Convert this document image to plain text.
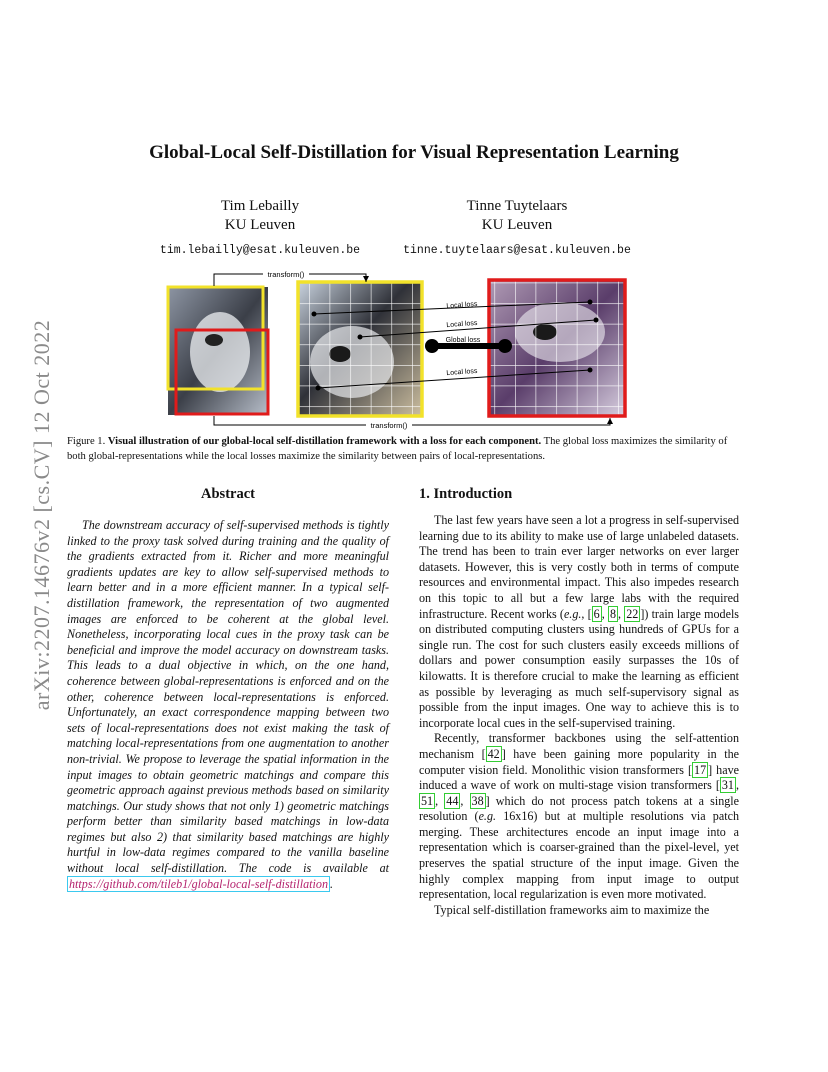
arXiv:2207.14676v2 [cs.CV] 12 Oct 2022
Global-Local Self-Distillation for Visual Representation Learning
Tim Lebailly
KU Leuven
tim.lebailly@esat.kuleuven.be
Tinne Tuytelaars
KU Leuven
tinne.tuytelaars@esat.kuleuven.be
transform()
transform()
Local loss
Local loss
Global loss
Local loss
Figure 1. Visual illustration of our global-local self-distillation framework with a loss for each component. The global loss maximizes the similarity of both global-representations while the local losses maximize the similarity between pairs of local-representations.
Abstract
The downstream accuracy of self-supervised methods is tightly linked to the proxy task solved during training and the quality of the gradients extracted from it. Richer and more meaningful gradients updates are key to allow self-supervised methods to learn better and in a more efficient manner. In a typical self-distillation framework, the representation of two augmented images are enforced to be coherent at the global level. Nonetheless, incorporating local cues in the proxy task can be beneficial and improve the model accuracy on downstream tasks. This leads to a dual objective in which, on the one hand, coherence between global-representations is enforced and on the other, coherence between local-representations is enforced. Unfortunately, an exact correspondence mapping between two sets of local-representations does not exist making the task of matching local-representations from one augmentation to another non-trivial. We propose to leverage the spatial information in the input images to obtain geometric matchings and compare this geometric approach against previous methods based on similarity matchings. Our study shows that not only 1) geometric matchings perform better than similarity based matchings in low-data regimes but also 2) that similarity based matchings are highly hurtful in low-data regimes compared to the vanilla baseline without local self-distillation. The code is available at https://github.com/tileb1/global-local-self-distillation .
1. Introduction

The last few years have seen a lot a progress in self-supervised learning due to its ability to make use of large unlabeled datasets. The trend has been to train ever larger networks on ever larger datasets. However, this is very costly both in terms of compute resources and environmental impact. This also impedes research on this topic to all but a few large labs with the required infrastructure. Recent works (e.g., [ 6 , 8 , 22 ]) train large models on distributed computing clusters using hundreds of GPUs for a single run. The cost for such clusters easily exceeds millions of dollars and power consumption easily surpasses the 10s of kilowatts. It is therefore crucial to make the learning as efficient as possible by leveraging as much self-supervisory signal as possible from the input images. One way to achieve this is to incorporate local cues in the self-supervised training.

Recently, transformer backbones using the self-attention mechanism [ 42 ] have been gaining more popularity in the computer vision field. Monolithic vision transformers [ 17 ] have induced a wave of work on multi-stage vision transformers [ 31 , 51 , 44 , 38 ] which do not process patch tokens at a single resolution (e.g. 16x16) but at multiple resolutions via patch merging. These architectures encode an input image into a representation which is coarser-grained than the pixel-level, yet preserves the spatial structure of the input image. Given the highly complex mapping from input image to output representation, local regularization is even more motivated.

Typical self-distillation frameworks aim to maximize the
